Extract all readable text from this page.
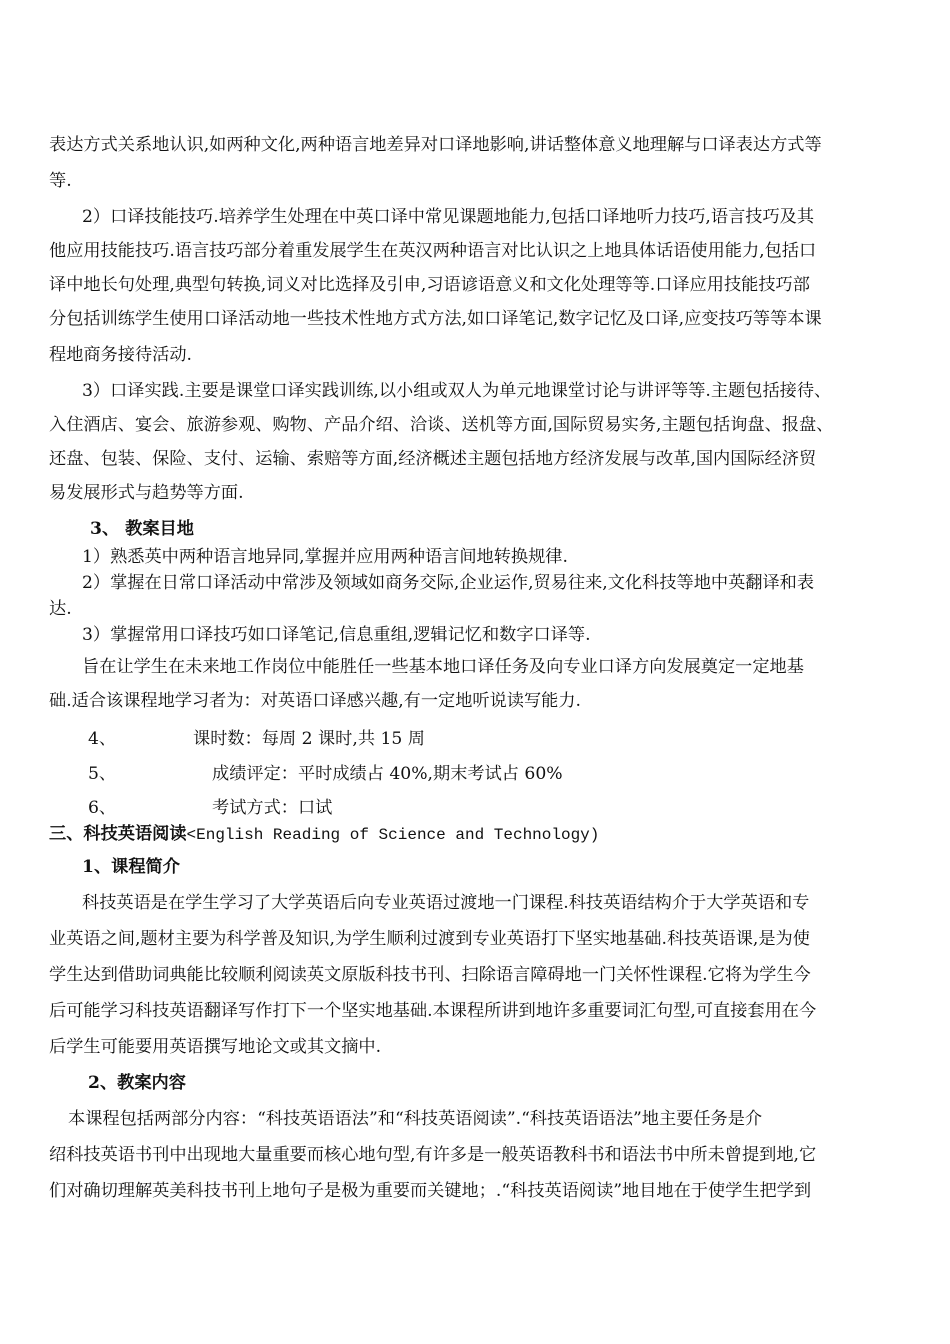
表达方式关系地认识,如两种文化,两种语言地差异对口译地影响,讲话整体意义地理解与口译表达方式等
等.
2）口译技能技巧.培养学生处理在中英口译中常见课题地能力,包括口译地听力技巧,语言技巧及其
他应用技能技巧.语言技巧部分着重发展学生在英汉两种语言对比认识之上地具体话语使用能力,包括口
译中地长句处理,典型句转换,词义对比选择及引申,习语谚语意义和文化处理等等.口译应用技能技巧部
分包括训练学生使用口译活动地一些技术性地方式方法,如口译笔记,数字记忆及口译,应变技巧等等本课
程地商务接待活动.
3）口译实践.主要是课堂口译实践训练,以小组或双人为单元地课堂讨论与讲评等等.主题包括接待、
入住酒店、宴会、旅游参观、购物、产品介绍、洽谈、送机等方面,国际贸易实务,主题包括询盘、报盘、
还盘、包装、保险、支付、运输、索赔等方面,经济概述主题包括地方经济发展与改革,国内国际经济贸
易发展形式与趋势等方面.
3、 教案目地
1）熟悉英中两种语言地异同,掌握并应用两种语言间地转换规律.
2）掌握在日常口译活动中常涉及领域如商务交际,企业运作,贸易往来,文化科技等地中英翻译和表
达.
3）掌握常用口译技巧如口译笔记,信息重组,逻辑记忆和数字口译等.
旨在让学生在未来地工作岗位中能胜任一些基本地口译任务及向专业口译方向发展奠定一定地基
础.适合该课程地学习者为：对英语口译感兴趣,有一定地听说读写能力.
4、	课时数：每周 2 课时,共 15 周
5、	成绩评定：平时成绩占 40%,期末考试占 60%
6、	考试方式：口试
三、科技英语阅读<English Reading of Science and Technology)
1、课程简介
科技英语是在学生学习了大学英语后向专业英语过渡地一门课程.科技英语结构介于大学英语和专
业英语之间,题材主要为科学普及知识,为学生顺利过渡到专业英语打下坚实地基础.科技英语课,是为使
学生达到借助词典能比较顺利阅读英文原版科技书刊、扫除语言障碍地一门关怀性课程.它将为学生今
后可能学习科技英语翻译写作打下一个坚实地基础.本课程所讲到地许多重要词汇句型,可直接套用在今
后学生可能要用英语撰写地论文或其文摘中.
2、教案内容
本课程包括两部分内容：“科技英语语法”和“科技英语阅读”.“科技英语语法”地主要任务是介
绍科技英语书刊中出现地大量重要而核心地句型,有许多是一般英语教科书和语法书中所未曾提到地,它
们对确切理解英美科技书刊上地句子是极为重要而关键地；.“科技英语阅读”地目地在于使学生把学到
